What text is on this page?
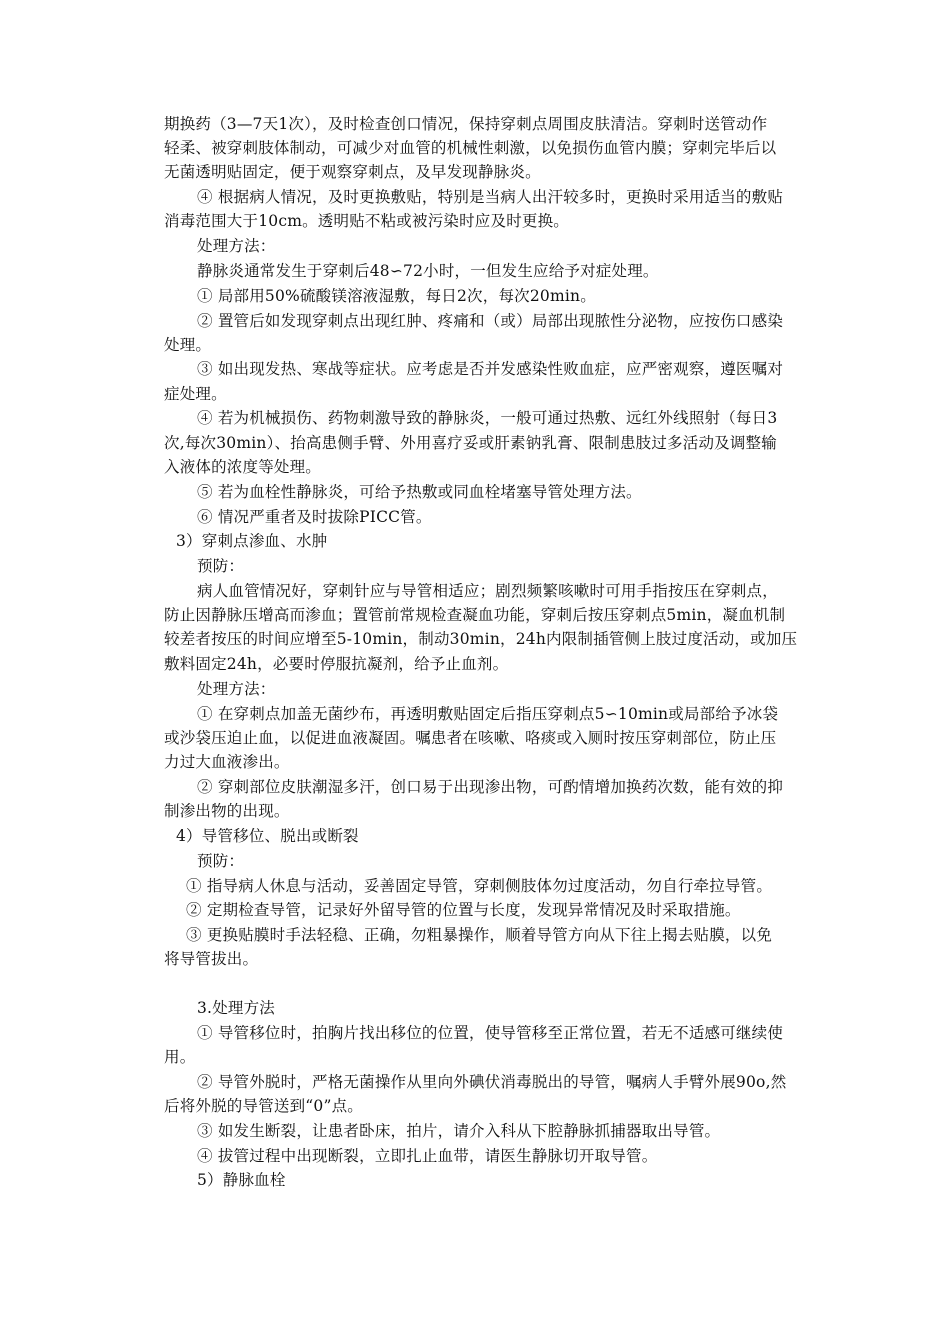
期换药（3—7天1次），及时检查创口情况，保持穿刺点周围皮肤清洁。穿刺时送管动作
轻柔、被穿刺肢体制动，可减少对血管的机械性刺激，以免损伤血管内膜；穿刺完毕后以
无菌透明贴固定，便于观察穿刺点，及早发现静脉炎。
④ 根据病人情况，及时更换敷贴，特别是当病人出汗较多时，更换时采用适当的敷贴
消毒范围大于10cm。透明贴不粘或被污染时应及时更换。
处理方法：
静脉炎通常发生于穿刺后48∽72小时，一但发生应给予对症处理。
① 局部用50%硫酸镁溶液湿敷，每日2次，每次20min。
② 置管后如发现穿刺点出现红肿、疼痛和（或）局部出现脓性分泌物，应按伤口感染
处理。
③ 如出现发热、寒战等症状。应考虑是否并发感染性败血症，应严密观察，遵医嘱对
症处理。
④ 若为机械损伤、药物刺激导致的静脉炎，一般可通过热敷、远红外线照射（每日3
次,每次30min）、抬高患侧手臂、外用喜疗妥或肝素钠乳膏、限制患肢过多活动及调整输
入液体的浓度等处理。
⑤ 若为血栓性静脉炎，可给予热敷或同血栓堵塞导管处理方法。
⑥ 情况严重者及时拔除PICC管。
3）穿刺点渗血、水肿
预防：
病人血管情况好，穿刺针应与导管相适应；剧烈频繁咳嗽时可用手指按压在穿刺点，
防止因静脉压增高而渗血；置管前常规检查凝血功能，穿刺后按压穿刺点5min，凝血机制
较差者按压的时间应增至5-10min，制动30min，24h内限制插管侧上肢过度活动，或加压
敷料固定24h，必要时停服抗凝剂，给予止血剂。
处理方法：
① 在穿刺点加盖无菌纱布，再透明敷贴固定后指压穿刺点5∽10min或局部给予冰袋
或沙袋压迫止血，以促进血液凝固。嘱患者在咳嗽、咯痰或入厕时按压穿刺部位，防止压
力过大血液渗出。
② 穿刺部位皮肤潮湿多汗，创口易于出现渗出物，可酌情增加换药次数，能有效的抑
制渗出物的出现。
4）导管移位、脱出或断裂
预防：
① 指导病人休息与活动，妥善固定导管，穿刺侧肢体勿过度活动，勿自行牵拉导管。
② 定期检查导管，记录好外留导管的位置与长度，发现异常情况及时采取措施。
③ 更换贴膜时手法轻稳、正确，勿粗暴操作，顺着导管方向从下往上揭去贴膜，以免
将导管拔出。
3.处理方法
① 导管移位时，拍胸片找出移位的位置，使导管移至正常位置，若无不适感可继续使
用。
② 导管外脱时，严格无菌操作从里向外碘伏消毒脱出的导管，嘱病人手臂外展90o,然
后将外脱的导管送到“0”点。
③ 如发生断裂，让患者卧床，拍片，请介入科从下腔静脉抓捕器取出导管。
④ 拔管过程中出现断裂，立即扎止血带，请医生静脉切开取导管。
5）静脉血栓
